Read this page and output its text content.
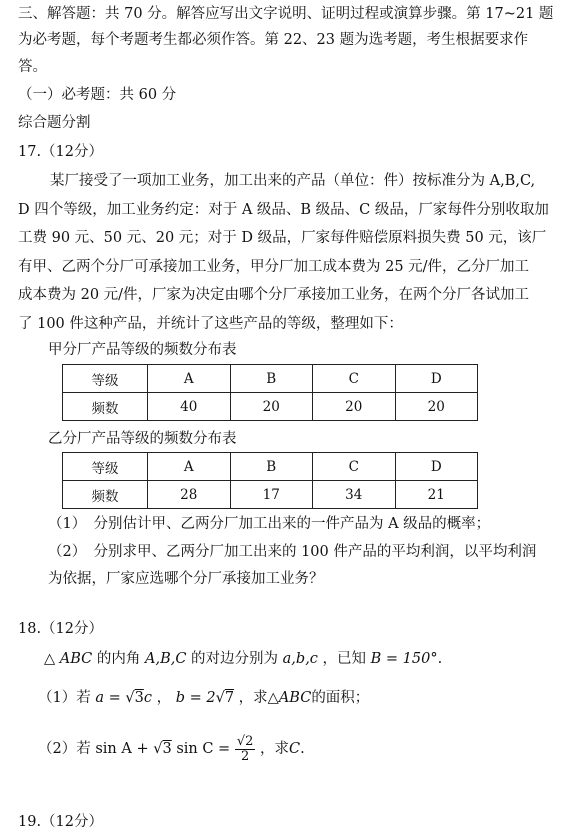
三、解答题：共 70 分。解答应写出文字说明、证明过程或演算步骤。第 17~21 题
为必考题，每个考题考生都必须作答。第 22、23 题为选考题，考生根据要求作
答。
（一）必考题：共 60 分
综合题分割
17.（12分）
某厂接受了一项加工业务，加工出来的产品（单位：件）按标准分为 A,B,C,
D 四个等级，加工业务约定：对于 A 级品、B 级品、C 级品，厂家每件分别收取加
工费 90 元、50 元、20 元；对于 D 级品，厂家每件赔偿原料损失费 50 元，该厂
有甲、乙两个分厂可承接加工业务，甲分厂加工成本费为 25 元/件，乙分厂加工
成本费为 20 元/件，厂家为决定由哪个分厂承接加工业务，在两个分厂各试加工
了 100 件这种产品，并统计了这些产品的等级，整理如下：
甲分厂产品等级的频数分布表
等级	A	B	C	D
频数	40	20	20	20
乙分厂产品等级的频数分布表
等级	A	B	C	D
频数	28	17	34	21
（1）　分别估计甲、乙两分厂加工出来的一件产品为 A 级品的概率；
（2）　分别求甲、乙两分厂加工出来的 100 件产品的平均利润，以平均利润
为依据，厂家应选哪个分厂承接加工业务？
18.（12分）
△ ABC 的内角 A,B,C 的对边分别为 a,b,c ，已知 B = 150°.
（1）若 a = √3c ， b = 2√7 ，求△ABC的面积；
（2）若 sin A + √3 $\sin C = \frac{√2}{2}$ ，求C.
19.（12分）
